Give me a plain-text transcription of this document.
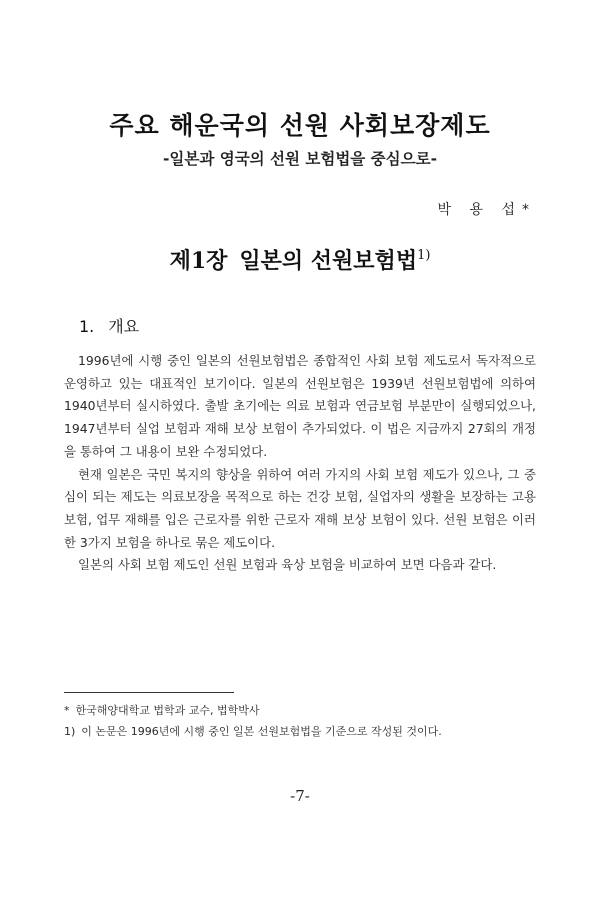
주요 해운국의 선원 사회보장제도
-일본과 영국의 선원 보험법을 중심으로-
박 용 섭*
제1장 일본의 선원보험법$^{1)}$
1. 개요

1996년에 시행 중인 일본의 선원보험법은 종합적인 사회 보험 제도로서 독자적으로 운영하고 있는 대표적인 보기이다. 일본의 선원보험은 1939년 선원보험법에 의하여 1940년부터 실시하였다. 출발 초기에는 의료 보험과 연금보험 부분만이 실행되었으나, 1947년부터 실업 보험과 재해 보상 보험이 추가되었다. 이 법은 지금까지 27회의 개정을 통하여 그 내용이 보완 수정되었다.

현재 일본은 국민 복지의 향상을 위하여 여러 가지의 사회 보험 제도가 있으나, 그 중심이 되는 제도는 의료보장을 목적으로 하는 건강 보험, 실업자의 생활을 보장하는 고용 보험, 업무 재해를 입은 근로자를 위한 근로자 재해 보상 보험이 있다. 선원 보험은 이러한 3가지 보험을 하나로 묶은 제도이다.

일본의 사회 보험 제도인 선원 보험과 육상 보험을 비교하여 보면 다음과 같다.

* 한국해양대학교 법학과 교수, 법학박사
1) 이 논문은 1996년에 시행 중인 일본 선원보험법을 기준으로 작성된 것이다.
-7-
